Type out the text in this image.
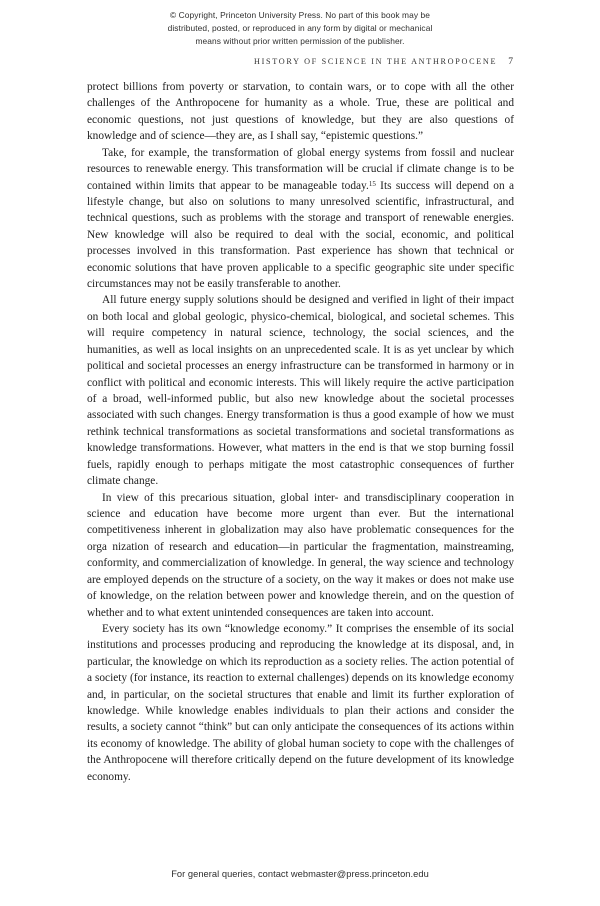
© Copyright, Princeton University Press. No part of this book may be
distributed, posted, or reproduced in any form by digital or mechanical
means without prior written permission of the publisher.
HISTORY OF SCIENCE IN THE ANTHROPOCENE 7

protect billions from poverty or starvation, to contain wars, or to cope with all the other challenges of the Anthropocene for humanity as a whole. True, these are political and economic questions, not just questions of knowledge, but they are also questions of knowledge and of science—they are, as I shall say, “epistemic questions.”

Take, for example, the transformation of global energy systems from fossil and nuclear resources to renewable energy. This transformation will be crucial if climate change is to be contained within limits that appear to be manageable today.$^{15}$ Its success will depend on a lifestyle change, but also on solutions to many unresolved scientific, infrastructural, and technical questions, such as problems with the storage and transport of renewable energies. New knowledge will also be required to deal with the social, economic, and political processes involved in this transformation. Past experience has shown that technical or economic solutions that have proven applicable to a specific geographic site under specific circumstances may not be easily transferable to another.

All future energy supply solutions should be designed and verified in light of their impact on both local and global geologic, physico-chemical, biological, and societal schemes. This will require competency in natural science, technology, the social sciences, and the humanities, as well as local insights on an unprecedented scale. It is as yet unclear by which political and societal processes an energy infrastructure can be transformed in harmony or in conflict with political and economic interests. This will likely require the active participation of a broad, well-informed public, but also new knowledge about the societal processes associated with such changes. Energy transformation is thus a good example of how we must rethink technical transformations as societal transformations and societal transformations as knowledge transformations. However, what matters in the end is that we stop burning fossil fuels, rapidly enough to perhaps mitigate the most catastrophic consequences of further climate change.

In view of this precarious situation, global inter- and transdisciplinary cooperation in science and education have become more urgent than ever. But the international competitiveness inherent in globalization may also have problematic consequences for the orga nization of research and education—in particular the fragmentation, mainstreaming, conformity, and commercialization of knowledge. In general, the way science and technology are employed depends on the structure of a society, on the way it makes or does not make use of knowledge, on the relation between power and knowledge therein, and on the question of whether and to what extent unintended consequences are taken into account.

Every society has its own “knowledge economy.” It comprises the ensemble of its social institutions and processes producing and reproducing the knowledge at its disposal, and, in particular, the knowledge on which its reproduction as a society relies. The action potential of a society (for instance, its reaction to external challenges) depends on its knowledge economy and, in particular, on the societal structures that enable and limit its further exploration of knowledge. While knowledge enables individuals to plan their actions and consider the results, a society cannot “think” but can only anticipate the consequences of its actions within its economy of knowledge. The ability of global human society to cope with the challenges of the Anthropocene will therefore critically depend on the future development of its knowledge economy.

For general queries, contact webmaster@press.princeton.edu
